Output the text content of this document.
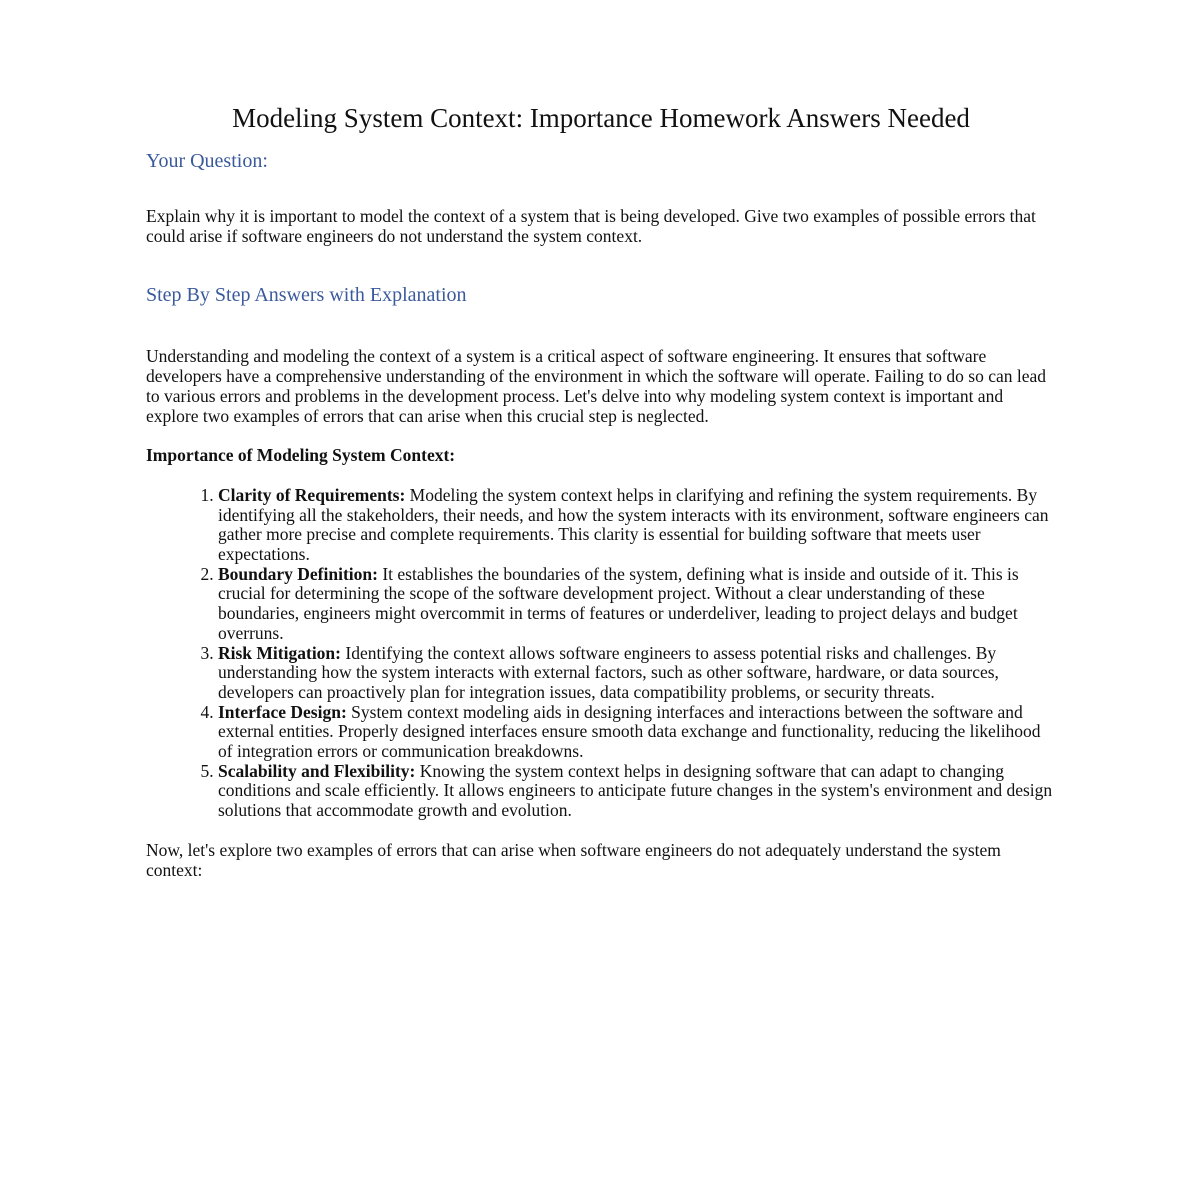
Modeling System Context: Importance Homework Answers Needed
Your Question:

Explain why it is important to model the context of a system that is being developed. Give two examples of possible errors that could arise if software engineers do not understand the system context.

Step By Step Answers with Explanation

Understanding and modeling the context of a system is a critical aspect of software engineering. It ensures that software developers have a comprehensive understanding of the environment in which the software will operate. Failing to do so can lead to various errors and problems in the development process. Let's delve into why modeling system context is important and explore two examples of errors that can arise when this crucial step is neglected.

Importance of Modeling System Context:

1. Clarity of Requirements: Modeling the system context helps in clarifying and refining the system requirements. By identifying all the stakeholders, their needs, and how the system interacts with its environment, software engineers can gather more precise and complete requirements. This clarity is essential for building software that meets user expectations.
2. Boundary Definition: It establishes the boundaries of the system, defining what is inside and outside of it. This is crucial for determining the scope of the software development project. Without a clear understanding of these boundaries, engineers might overcommit in terms of features or underdeliver, leading to project delays and budget overruns.
3. Risk Mitigation: Identifying the context allows software engineers to assess potential risks and challenges. By understanding how the system interacts with external factors, such as other software, hardware, or data sources, developers can proactively plan for integration issues, data compatibility problems, or security threats.
4. Interface Design: System context modeling aids in designing interfaces and interactions between the software and external entities. Properly designed interfaces ensure smooth data exchange and functionality, reducing the likelihood of integration errors or communication breakdowns.
5. Scalability and Flexibility: Knowing the system context helps in designing software that can adapt to changing conditions and scale efficiently. It allows engineers to anticipate future changes in the system's environment and design solutions that accommodate growth and evolution.

Now, let's explore two examples of errors that can arise when software engineers do not adequately understand the system context:
